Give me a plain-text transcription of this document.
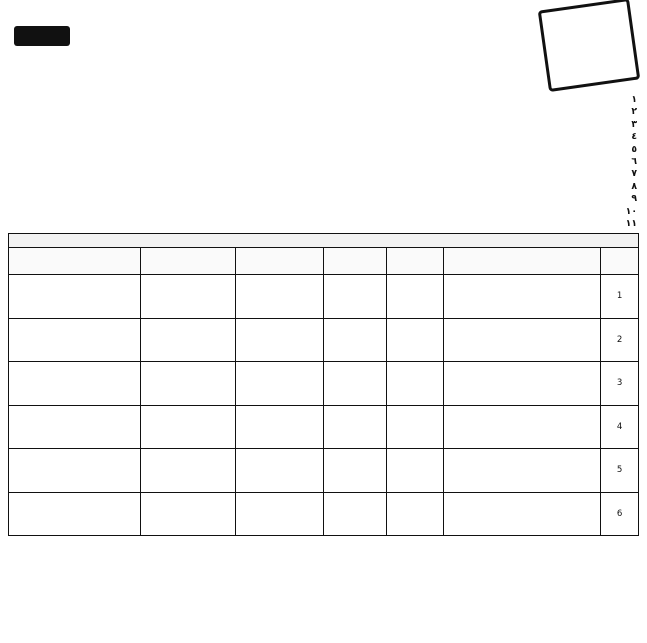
١
٢
٣
٤
٥
٦
٧
٨
٩
١٠
١١

1						
2						
3						
4						
5						
6						
